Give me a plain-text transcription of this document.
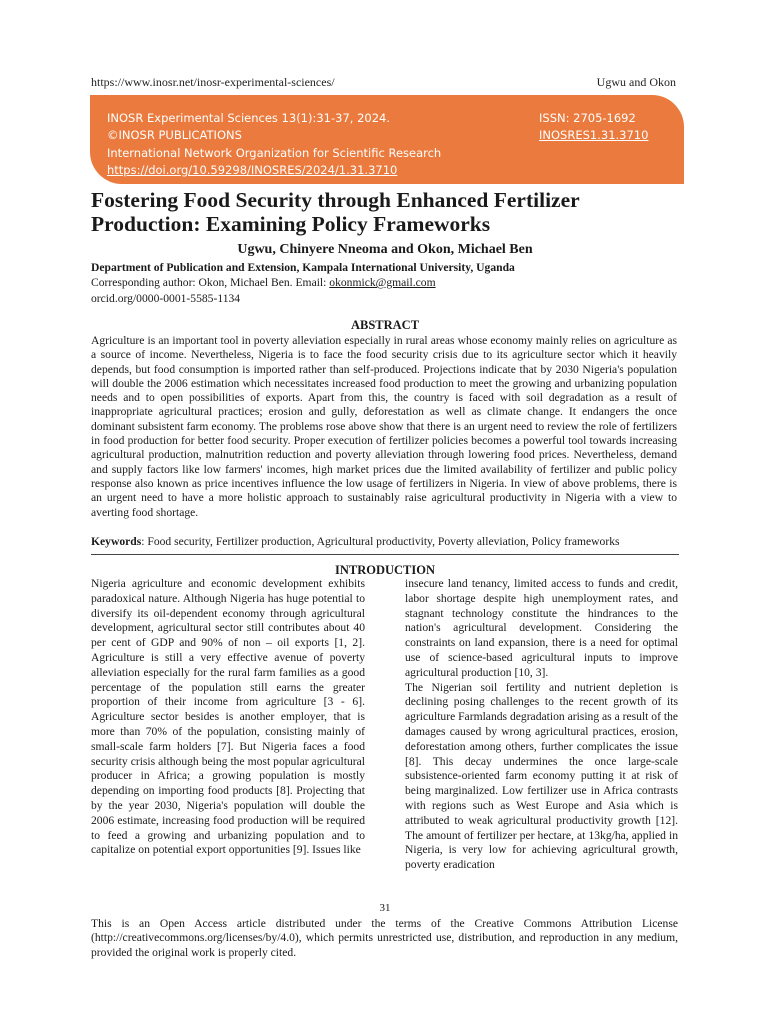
https://www.inosr.net/inosr-experimental-sciences/	Ugwu and Okon
INOSR Experimental Sciences 13(1):31-37, 2024.
©INOSR PUBLICATIONS
International Network Organization for Scientific Research
https://doi.org/10.59298/INOSRES/2024/1.31.3710
ISSN: 2705-1692
INOSRES1.31.3710
Fostering Food Security through Enhanced Fertilizer Production: Examining Policy Frameworks
Ugwu, Chinyere Nneoma and Okon, Michael Ben
Department of Publication and Extension, Kampala International University, Uganda
Corresponding author: Okon, Michael Ben. Email: okonmick@gmail.com
orcid.org/0000-0001-5585-1134
ABSTRACT

Agriculture is an important tool in poverty alleviation especially in rural areas whose economy mainly relies on agriculture as a source of income. Nevertheless, Nigeria is to face the food security crisis due to its agriculture sector which it heavily depends, but food consumption is imported rather than self-produced. Projections indicate that by 2030 Nigeria's population will double the 2006 estimation which necessitates increased food production to meet the growing and urbanizing population needs and to open possibilities of exports. Apart from this, the country is faced with soil degradation as a result of inappropriate agricultural practices; erosion and gully, deforestation as well as climate change. It endangers the once dominant subsistent farm economy. The problems rose above show that there is an urgent need to review the role of fertilizers in food production for better food security. Proper execution of fertilizer policies becomes a powerful tool towards increasing agricultural production, malnutrition reduction and poverty alleviation through lowering food prices. Nevertheless, demand and supply factors like low farmers' incomes, high market prices due the limited availability of fertilizer and public policy response also known as price incentives influence the low usage of fertilizers in Nigeria. In view of above problems, there is an urgent need to have a more holistic approach to sustainably raise agricultural productivity in Nigeria with a view to averting food shortage.

Keywords: Food security, Fertilizer production, Agricultural productivity, Poverty alleviation, Policy frameworks
INTRODUCTION

Nigeria agriculture and economic development exhibits paradoxical nature. Although Nigeria has huge potential to diversify its oil-dependent economy through agricultural development, agricultural sector still contributes about 40 per cent of GDP and 90% of non – oil exports [1, 2]. Agriculture is still a very effective avenue of poverty alleviation especially for the rural farm families as a good percentage of the population still earns the greater proportion of their income from agriculture [3 - 6]. Agriculture sector besides is another employer, that is more than 70% of the population, consisting mainly of small-scale farm holders [7]. But Nigeria faces a food security crisis although being the most popular agricultural producer in Africa; a growing population is mostly depending on importing food products [8]. Projecting that by the year 2030, Nigeria's population will double the 2006 estimate, increasing food production will be required to feed a growing and urbanizing population and to capitalize on potential export opportunities [9]. Issues like

insecure land tenancy, limited access to funds and credit, labor shortage despite high unemployment rates, and stagnant technology constitute the hindrances to the nation's agricultural development. Considering the constraints on land expansion, there is a need for optimal use of science-based agricultural inputs to improve agricultural production [10, 3].

The Nigerian soil fertility and nutrient depletion is declining posing challenges to the recent growth of its agriculture Farmlands degradation arising as a result of the damages caused by wrong agricultural practices, erosion, deforestation among others, further complicates the issue [8]. This decay undermines the once large-scale subsistence-oriented farm economy putting it at risk of being marginalized. Low fertilizer use in Africa contrasts with regions such as West Europe and Asia which is attributed to weak agricultural productivity growth [12]. The amount of fertilizer per hectare, at 13kg/ha, applied in Nigeria, is very low for achieving agricultural growth, poverty eradication

31

This is an Open Access article distributed under the terms of the Creative Commons Attribution License (http://creativecommons.org/licenses/by/4.0), which permits unrestricted use, distribution, and reproduction in any medium, provided the original work is properly cited.
